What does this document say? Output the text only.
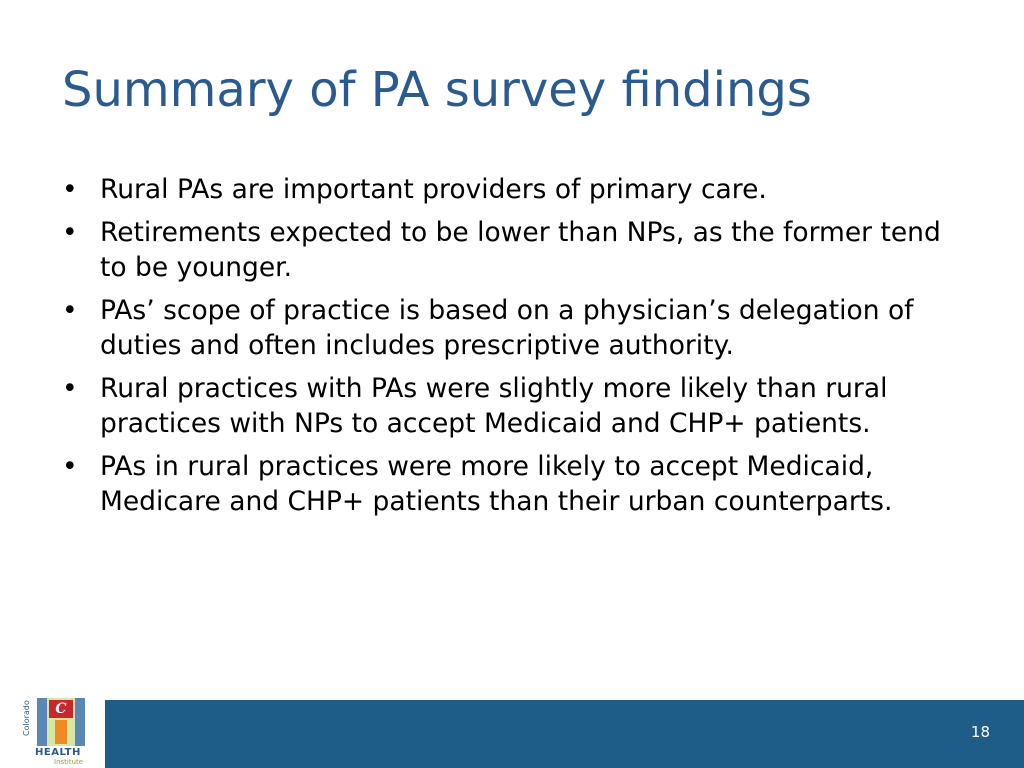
Summary of PA survey findings
• Rural PAs are important providers of primary care.
• Retirements expected to be lower than NPs, as the former tend to be younger.
• PAs’ scope of practice is based on a physician’s delegation of duties and often includes prescriptive authority.
• Rural practices with PAs were slightly more likely than rural practices with NPs to accept Medicaid and CHP+ patients.
• PAs in rural practices were more likely to accept Medicaid, Medicare and CHP+ patients than their urban counterparts.
Colorado	C
HEALTH
Institute
18
